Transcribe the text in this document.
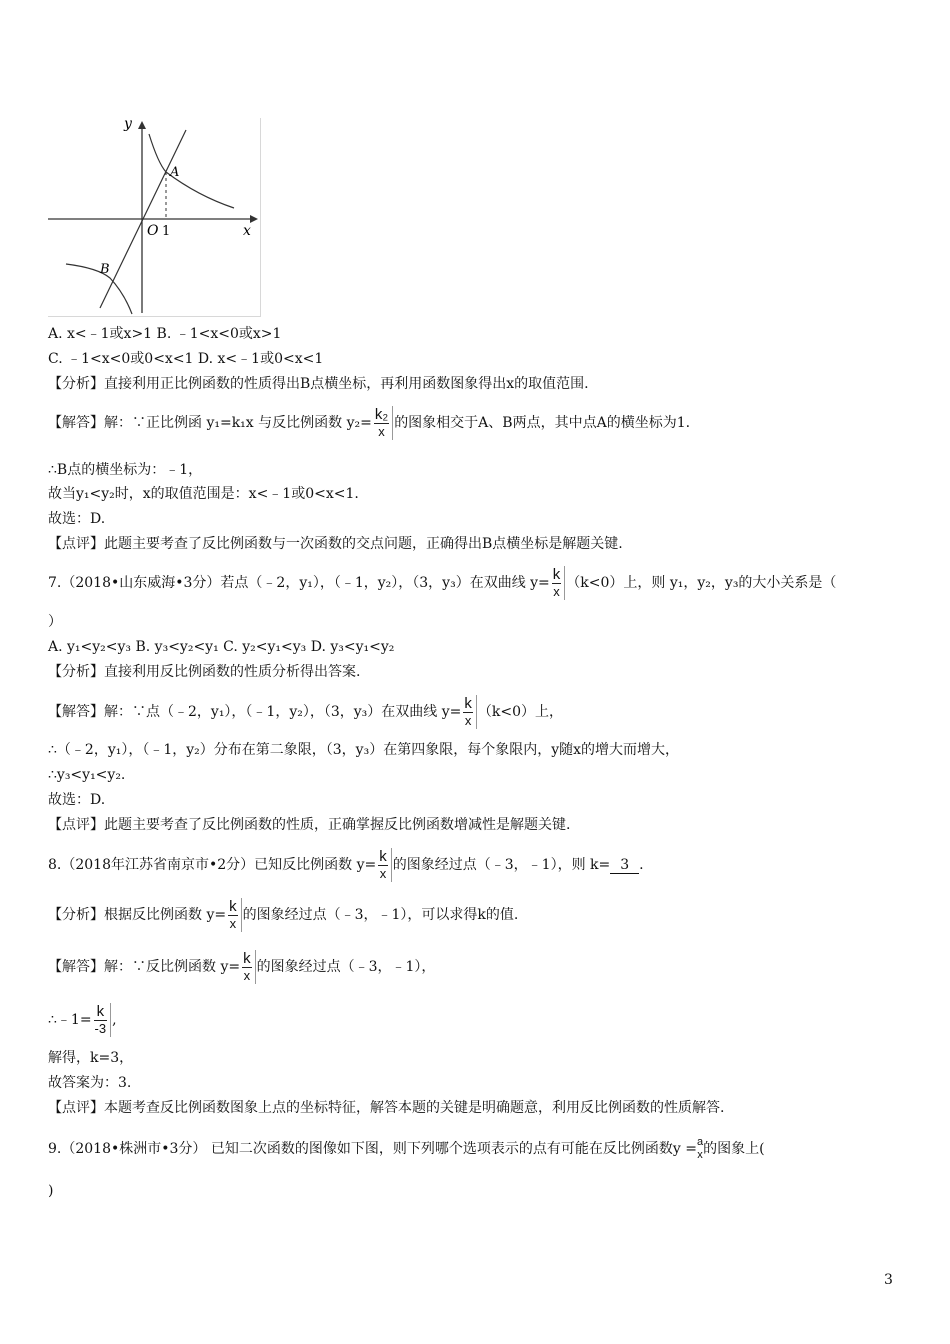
y
x
O 1
A
B
A. x<﹣1或x>1 B. ﹣1<x<0或x>1
C. ﹣1<x<0或0<x<1 D. x<﹣1或0<x<1
【分析】直接利用正比例函数的性质得出B点横坐标，再利用函数图象得出x的取值范围.
【解答】解：∵正比例函 y₁=k₁x 与反比例函数 $y_2= \frac{\text{k₂}}{x}$ 的图象相交于A、B两点，其中点A的横坐标为1.
∴B点的横坐标为：﹣1，
故当y₁<y₂时，x的取值范围是：x<﹣1或0<x<1.
故选：D.
【点评】此题主要考查了反比例函数与一次函数的交点问题，正确得出B点横坐标是解题关键.
7.（2018•山东威海•3分）若点（﹣2，y₁），（﹣1，y₂），（3，y₃）在双曲线 $y= \frac{k}{x} (k<0)$上，则 y₁，y₂，y₃的大小关系是（
）
A. y₁<y₂<y₃ B. y₃<y₂<y₁ C. y₂<y₁<y₃ D. y₃<y₁<y₂
【分析】直接利用反比例函数的性质分析得出答案.
【解答】解：∵点（﹣2，y₁），（﹣1，y₂），（3，y₃）在双曲线 $y= \frac{k}{x} (k<0)$上，
∴（﹣2，y₁），（﹣1，y₂）分布在第二象限，（3，y₃）在第四象限，每个象限内，y随x的增大而增大，
∴y₃<y₁<y₂.
故选：D.
【点评】此题主要考查了反比例函数的性质，正确掌握反比例函数增减性是解题关键.
8.（2018年江苏省南京市•2分）已知反比例函数 $y= \frac{k}{x}$ 的图象经过点（﹣3，﹣1），则 k= 3 .
【分析】根据反比例函数 $y= \frac{k}{x}$ 的图象经过点（﹣3，﹣1），可以求得k的值.
【解答】解：∵反比例函数 $y= \frac{k}{x}$ 的图象经过点（﹣3，﹣1），
∴﹣1= $\frac{k}{-3}$ ,
解得，k=3，
故答案为：3.
【点评】本题考查反比例函数图象上点的坐标特征，解答本题的关键是明确题意，利用反比例函数的性质解答.
9.（2018•株洲市•3分） 已知二次函数的图像如下图，则下列哪个选项表示的点有可能在反比例函数y = a
x 的图象上(
)
3
